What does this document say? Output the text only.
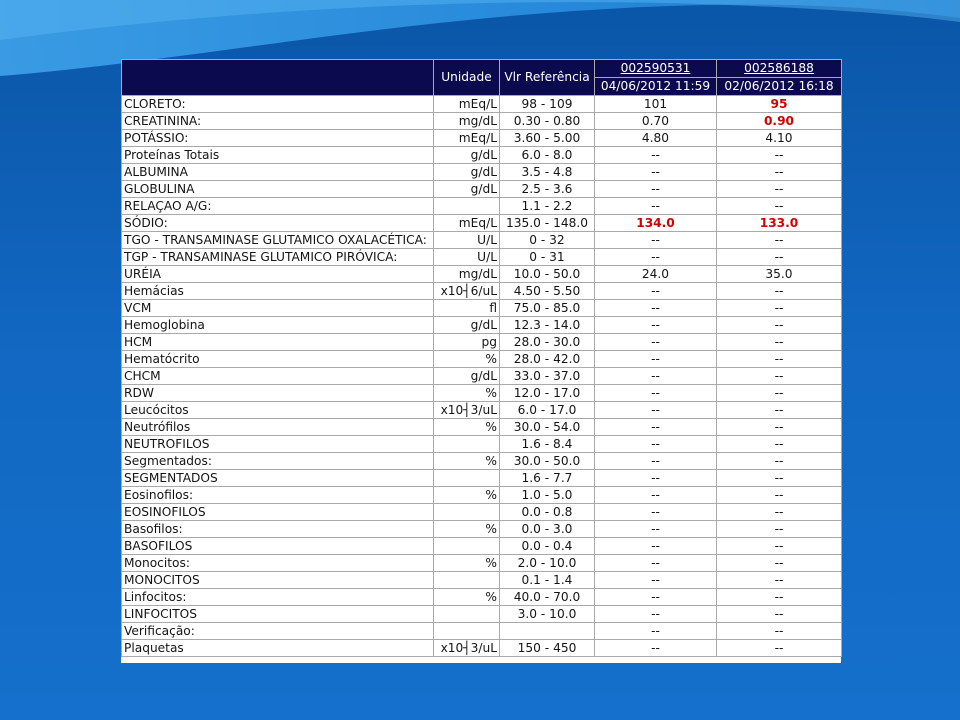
	Unidade	Vlr Referência	002590531	002586188
			04/06/2012 11:59	02/06/2012 16:18
CLORETO:	mEq/L	98 - 109	101	95
CREATININA:	mg/dL	0.30 - 0.80	0.70	0.90
POTÁSSIO:	mEq/L	3.60 - 5.00	4.80	4.10
Proteínas Totais	g/dL	6.0 - 8.0	--	--
ALBUMINA	g/dL	3.5 - 4.8	--	--
GLOBULINA	g/dL	2.5 - 3.6	--	--
RELAÇAO A/G:		1.1 - 2.2	--	--
SÓDIO:	mEq/L	135.0 - 148.0	134.0	133.0
TGO - TRANSAMINASE GLUTAMICO OXALACÉTICA:	U/L	0 - 32	--	--
TGP - TRANSAMINASE GLUTAMICO PIRÓVICA:	U/L	0 - 31	--	--
URÉIA	mg/dL	10.0 - 50.0	24.0	35.0
Hemácias	x10┤6/uL	4.50 - 5.50	--	--
VCM	fl	75.0 - 85.0	--	--
Hemoglobina	g/dL	12.3 - 14.0	--	--
HCM	pg	28.0 - 30.0	--	--
Hematócrito	%	28.0 - 42.0	--	--
CHCM	g/dL	33.0 - 37.0	--	--
RDW	%	12.0 - 17.0	--	--
Leucócitos	x10┤3/uL	6.0 - 17.0	--	--
Neutrófilos	%	30.0 - 54.0	--	--
NEUTROFILOS		1.6 - 8.4	--	--
Segmentados:	%	30.0 - 50.0	--	--
SEGMENTADOS		1.6 - 7.7	--	--
Eosinofilos:	%	1.0 - 5.0	--	--
EOSINOFILOS		0.0 - 0.8	--	--
Basofilos:	%	0.0 - 3.0	--	--
BASOFILOS		0.0 - 0.4	--	--
Monocitos:	%	2.0 - 10.0	--	--
MONOCITOS		0.1 - 1.4	--	--
Linfocitos:	%	40.0 - 70.0	--	--
LINFOCITOS		3.0 - 10.0	--	--
Verificação:			--	--
Plaquetas	x10┤3/uL	150 - 450	--	--
